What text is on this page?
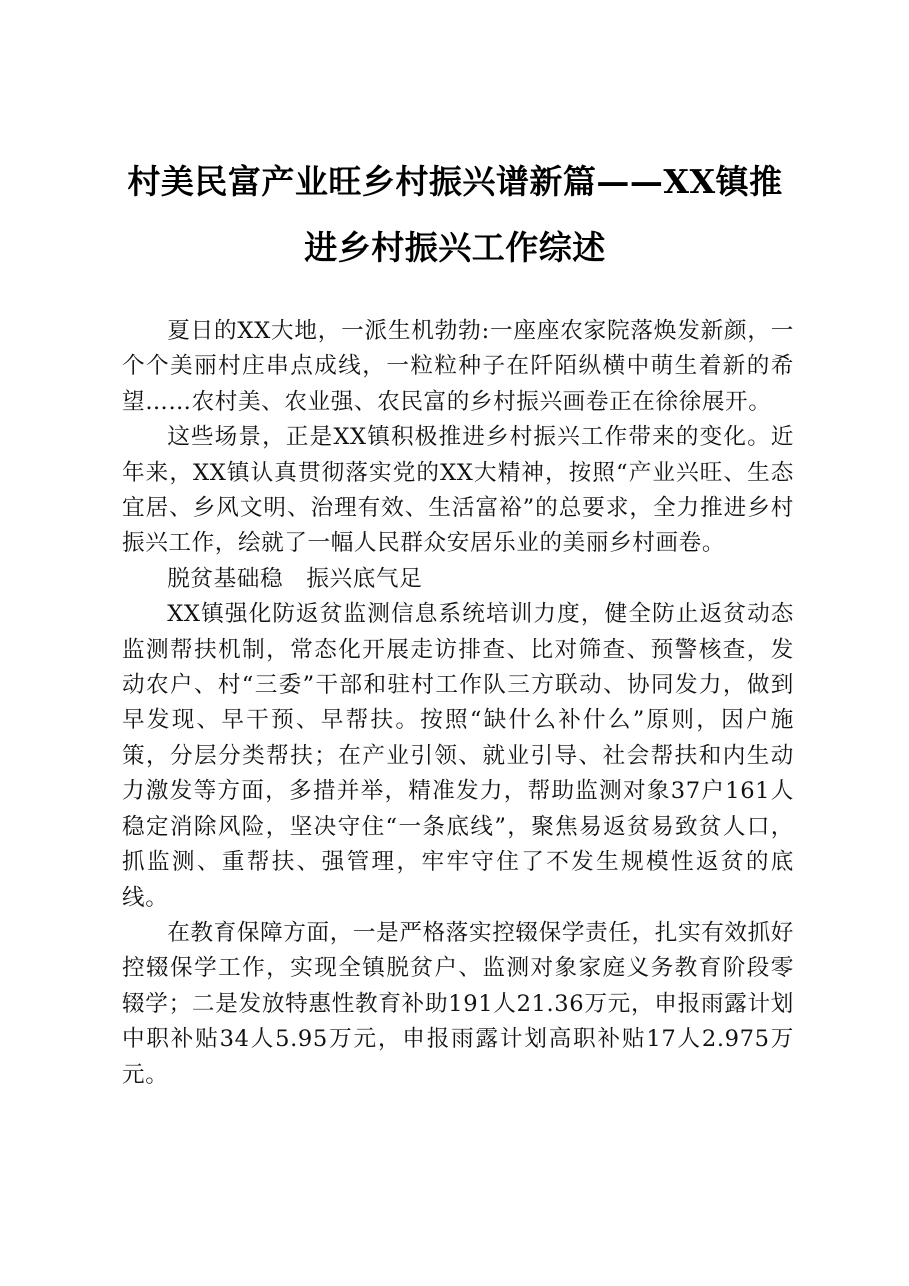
村美民富产业旺乡村振兴谱新篇——XX镇推
进乡村振兴工作综述

夏日的XX大地，一派生机勃勃:一座座农家院落焕发新颜，一个个美丽村庄串点成线，一粒粒种子在阡陌纵横中萌生着新的希望……农村美、农业强、农民富的乡村振兴画卷正在徐徐展开。

这些场景，正是XX镇积极推进乡村振兴工作带来的变化。近年来，XX镇认真贯彻落实党的XX大精神，按照“产业兴旺、生态宜居、乡风文明、治理有效、生活富裕”的总要求，全力推进乡村振兴工作，绘就了一幅人民群众安居乐业的美丽乡村画卷。

脱贫基础稳　振兴底气足

XX镇强化防返贫监测信息系统培训力度，健全防止返贫动态监测帮扶机制，常态化开展走访排查、比对筛查、预警核查，发动农户、村“三委”干部和驻村工作队三方联动、协同发力，做到早发现、早干预、早帮扶。按照“缺什么补什么”原则，因户施策，分层分类帮扶；在产业引领、就业引导、社会帮扶和内生动力激发等方面，多措并举，精准发力，帮助监测对象37户161人稳定消除风险，坚决守住“一条底线”，聚焦易返贫易致贫人口，抓监测、重帮扶、强管理，牢牢守住了不发生规模性返贫的底线。

在教育保障方面，一是严格落实控辍保学责任，扎实有效抓好控辍保学工作，实现全镇脱贫户、监测对象家庭义务教育阶段零辍学；二是发放特惠性教育补助191人21.36万元，申报雨露计划中职补贴34人5.95万元，申报雨露计划高职补贴17人2.975万元。
